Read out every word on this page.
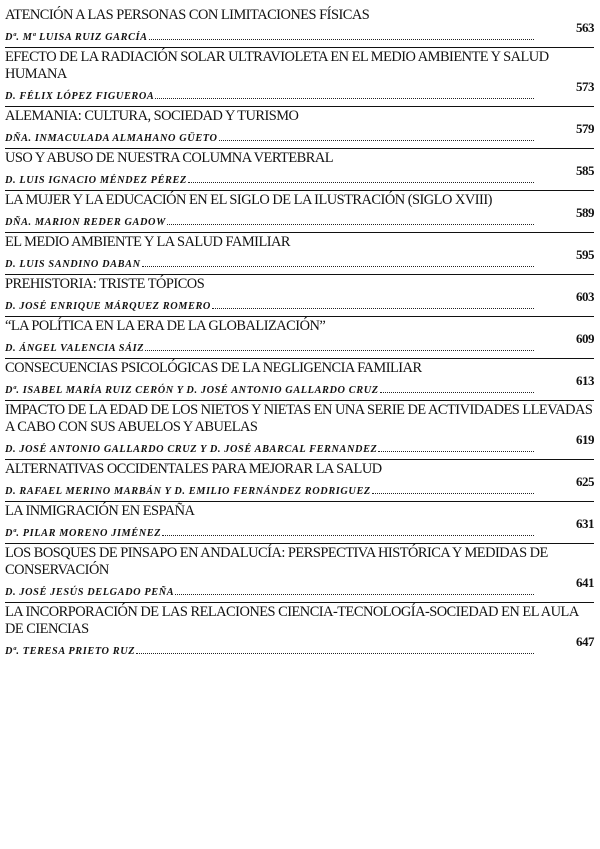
ATENCIÓN A LAS PERSONAS CON LIMITACIONES FÍSICAS
Dª. Mª LUISA RUIZ GARCÍA
563
EFECTO DE LA RADIACIÓN SOLAR ULTRAVIOLETA EN EL MEDIO AMBIENTE Y SALUD HUMANA
D. FÉLIX LÓPEZ FIGUEROA
573
ALEMANIA: CULTURA, SOCIEDAD Y TURISMO
DÑA. INMACULADA ALMAHANO GÜETO
579
USO Y ABUSO DE NUESTRA COLUMNA VERTEBRAL
D. LUIS IGNACIO MÉNDEZ PÉREZ
585
LA MUJER Y LA EDUCACIÓN EN EL SIGLO DE LA ILUSTRACIÓN (SIGLO XVIII)
DÑA. MARION REDER GADOW
589
EL MEDIO AMBIENTE Y LA SALUD FAMILIAR
D. LUIS SANDINO DABAN
595
PREHISTORIA: TRISTE TÓPICOS
D. JOSÉ ENRIQUE MÁRQUEZ ROMERO
603
“LA POLÍTICA EN LA ERA DE LA GLOBALIZACIÓN”
D. ÁNGEL VALENCIA SÁIZ
609
CONSECUENCIAS PSICOLÓGICAS DE LA NEGLIGENCIA FAMILIAR
Dª. ISABEL MARÍA RUIZ CERÓN Y D. JOSÉ ANTONIO GALLARDO CRUZ
613
IMPACTO DE LA EDAD DE LOS NIETOS Y NIETAS EN UNA SERIE DE ACTIVIDADES LLEVADAS A CABO CON SUS ABUELOS Y ABUELAS
D. JOSÉ ANTONIO GALLARDO CRUZ Y D. JOSÉ ABARCAL FERNANDEZ
619
ALTERNATIVAS OCCIDENTALES PARA MEJORAR LA SALUD
D. RAFAEL MERINO MARBÁN Y D. EMILIO FERNÁNDEZ RODRIGUEZ
625
LA INMIGRACIÓN EN ESPAÑA
Dª. PILAR MORENO JIMÉNEZ
631
LOS BOSQUES DE PINSAPO EN ANDALUCÍA: PERSPECTIVA HISTÓRICA Y MEDIDAS DE CONSERVACIÓN
D. JOSÉ JESÚS DELGADO PEÑA
641
LA INCORPORACIÓN DE LAS RELACIONES CIENCIA-TECNOLOGÍA-SOCIEDAD EN EL AULA DE CIENCIAS
Dª. TERESA PRIETO RUZ
647
